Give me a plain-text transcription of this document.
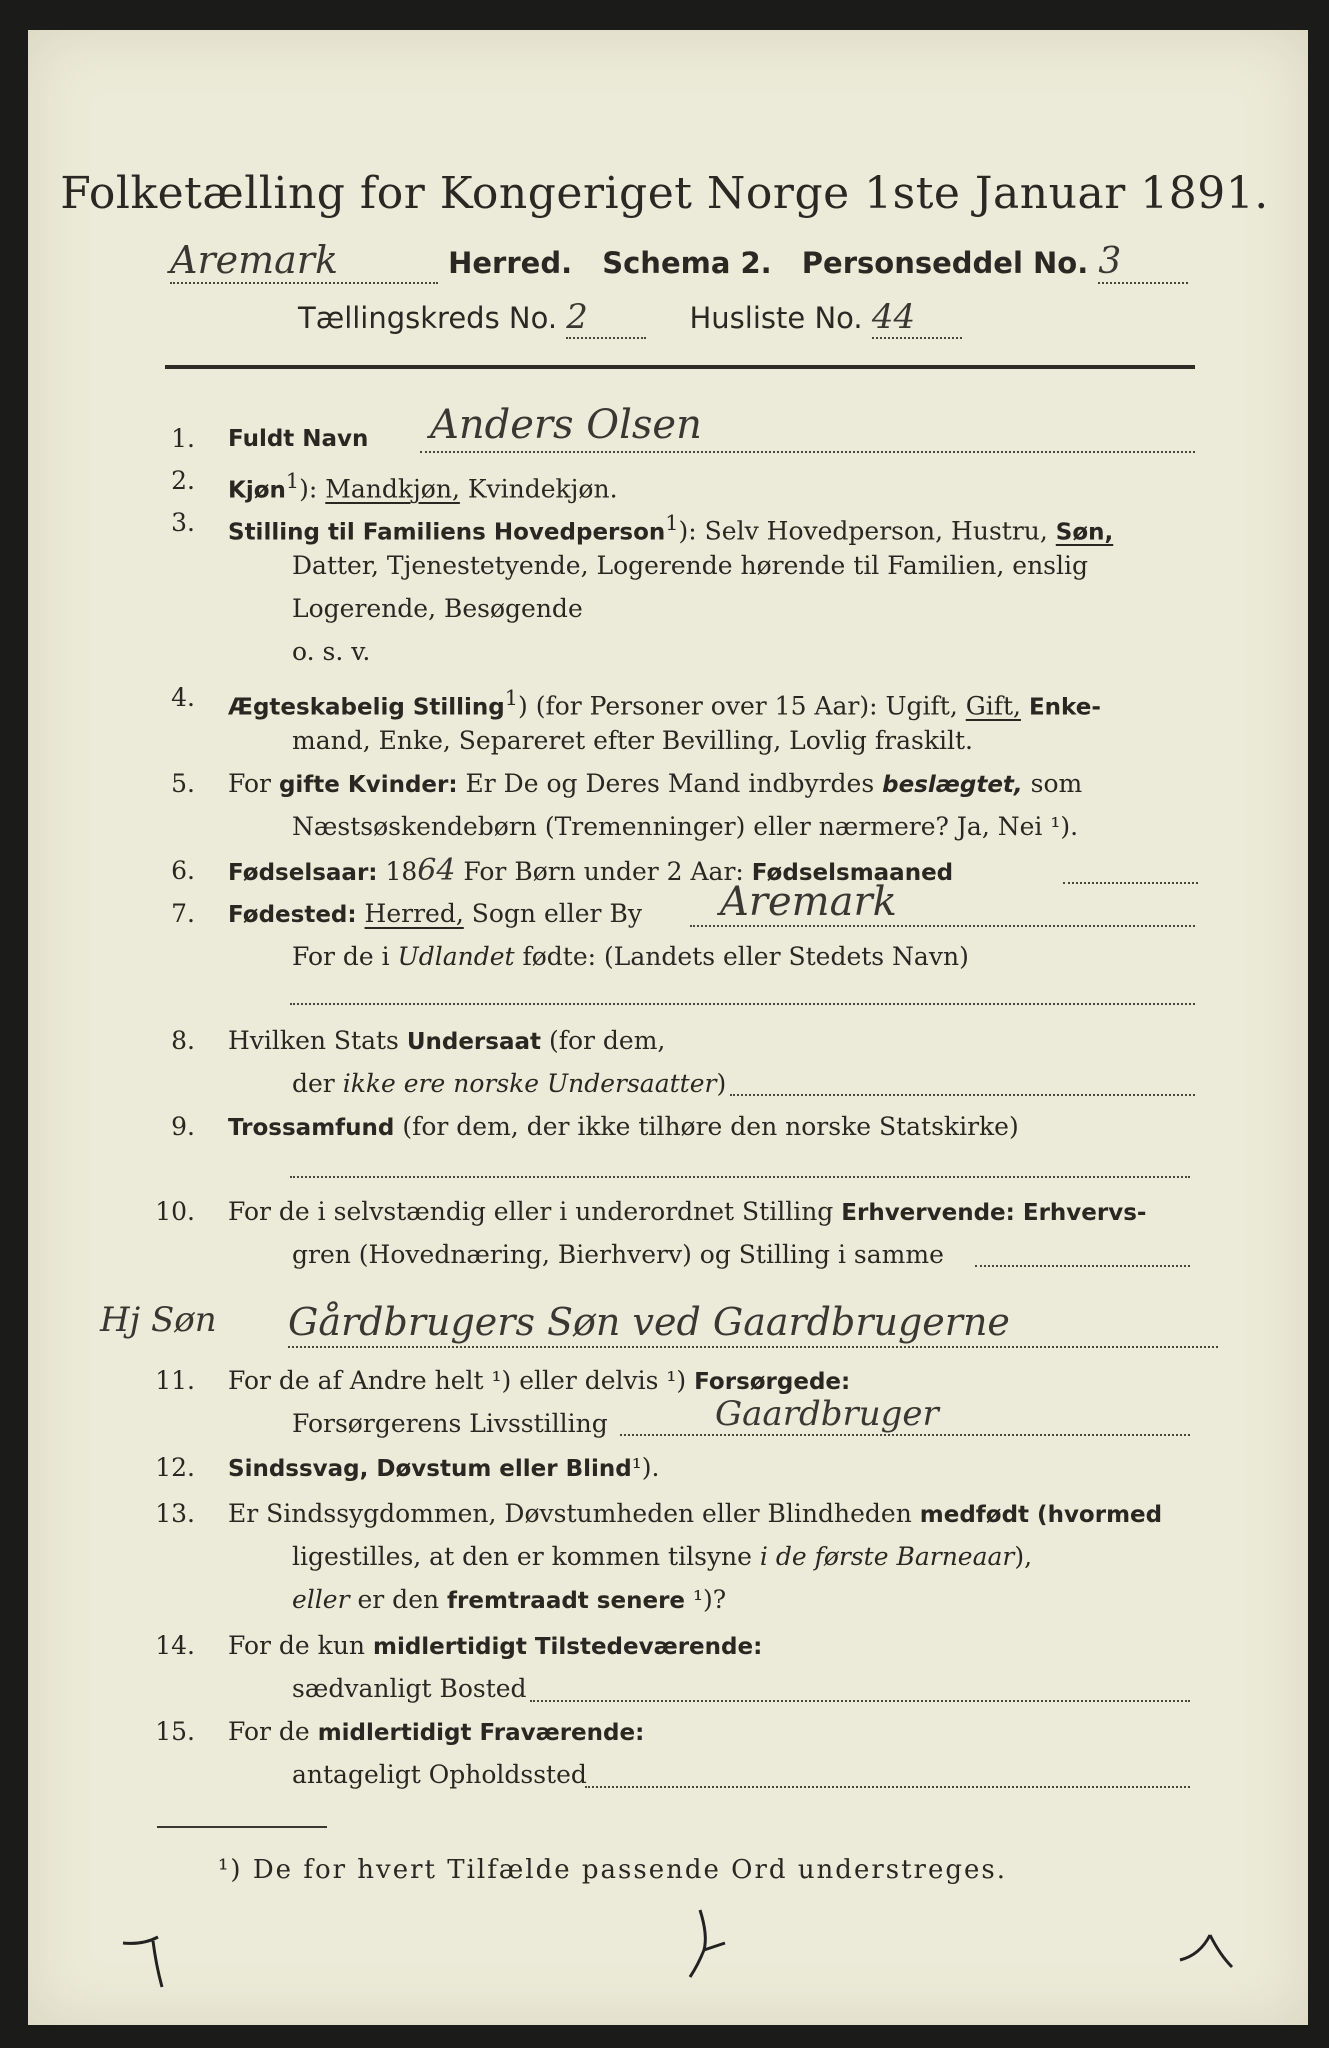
Folketælling for Kongeriget Norge 1ste Januar 1891.
Aremark	Herred. Schema 2. Personseddel No. 3
Tællingskreds No. 2	Husliste No. 44
1. Fuldt Navn Anders Olsen
2. Kjøn$^1$): Mandkjøn, Kvindekjøn.
3. Stilling til Familiens Hovedperson$^1$): Selv Hovedperson, Hustru, Søn,
Datter, Tjenestetyende, Logerende hørende til Familien, enslig
Logerende, Besøgende
o. s. v.
4. Ægteskabelig Stilling$^1$) (for Personer over 15 Aar): Ugift, Gift, Enke-
mand, Enke, Separeret efter Bevilling, Lovlig fraskilt.
5. For gifte Kvinder: Er De og Deres Mand indbyrdes beslægtet, som
Næstsøskendebørn (Tremenninger) eller nærmere? Ja, Nei ¹).
6. Fødselsaar: 1864 For Børn under 2 Aar: Fødselsmaaned
7. Fødested: Herred, Sogn eller By Aremark
For de i Udlandet fødte: (Landets eller Stedets Navn)
8. Hvilken Stats Undersaat (for dem,
der ikke ere norske Undersaatter)
9. Trossamfund (for dem, der ikke tilhøre den norske Statskirke)
10. For de i selvstændig eller i underordnet Stilling Erhvervende: Erhvervs-
gren (Hovednæring, Bierhverv) og Stilling i samme
Hj Søn Gårdbrugers Søn ved Gaardbrugerne
11. For de af Andre helt ¹) eller delvis ¹) Forsørgede:
Forsørgerens Livsstilling	Gaardbruger
12. Sindssvag, Døvstum eller Blind¹).
13. Er Sindssygdommen, Døvstumheden eller Blindheden medfødt (hvormed
ligestilles, at den er kommen tilsyne i de første Barneaar),
eller er den fremtraadt senere ¹)?
14. For de kun midlertidigt Tilstedeværende:
sædvanligt Bosted
15. For de midlertidigt Fraværende:
antageligt Opholdssted
¹) De for hvert Tilfælde passende Ord understreges.
